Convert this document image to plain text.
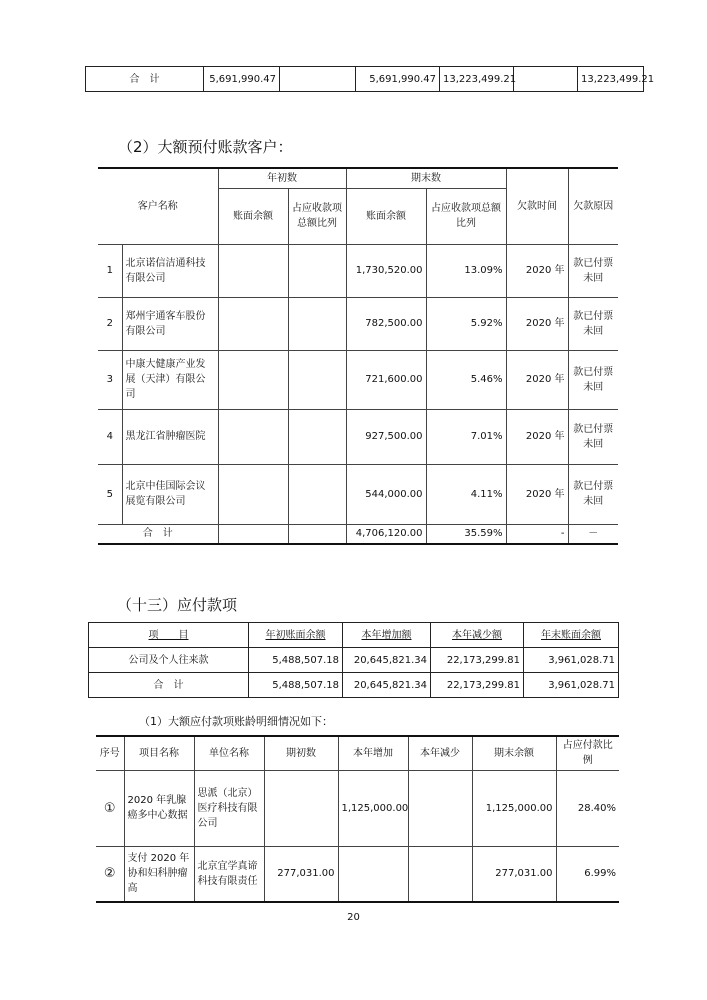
合　计	5,691,990.47		5,691,990.47	13,223,499.21		13,223,499.21
（2）大额预付账款客户：
客户名称		年初数		期末数		欠款时间	欠款原因
		账面余额	占应收款项总额比列	账面余额	占应收款项总额比列		
1	北京诺信洁通科技有限公司			1,730,520.00	13.09%	2020 年	款已付票未回
2	郑州宇通客车股份有限公司			782,500.00	5.92%	2020 年	款已付票未回
3	中康大健康产业发展（天津）有限公司			721,600.00	5.46%	2020 年	款已付票未回
4	黑龙江省肿瘤医院			927,500.00	7.01%	2020 年	款已付票未回
5	北京中佳国际会议展览有限公司			544,000.00	4.11%	2020 年	款已付票未回
合　计				4,706,120.00	35.59%	-	－
（十三）应付款项
项　　目	年初账面余额	本年增加额	本年减少额	年末账面余额
公司及个人往来款	5,488,507.18	20,645,821.34	22,173,299.81	3,961,028.71
合　计	5,488,507.18	20,645,821.34	22,173,299.81	3,961,028.71
（1）大额应付款项账龄明细情况如下：
序号	项目名称	单位名称	期初数	本年增加	本年减少	期末余额	占应付款比例
①	2020 年乳腺癌多中心数据	思派（北京）医疗科技有限公司		1,125,000.00		1,125,000.00	28.40%
②	支付 2020 年协和妇科肿瘤高	北京宜学真谛科技有限责任	277,031.00			277,031.00	6.99%
20
